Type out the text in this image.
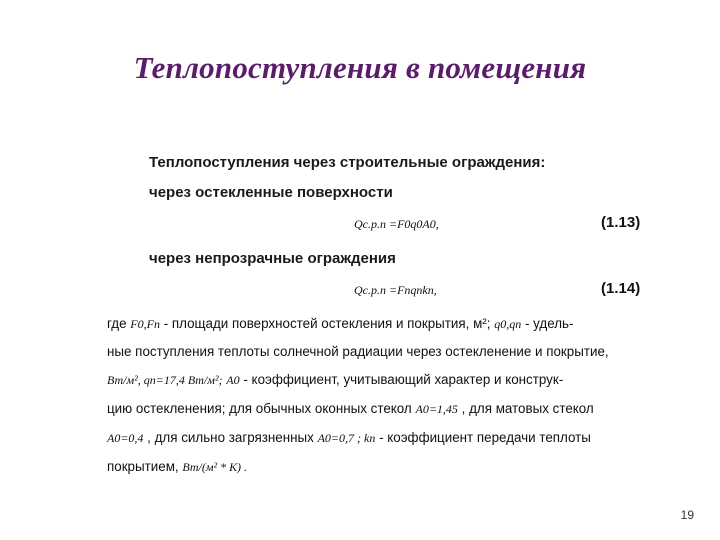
Теплопоступления в помещения
Теплопоступления через строительные ограждения:
через остекленные поверхности
Qс.р.п =F0q0A0,	(1.13)
через непрозрачные ограждения
Qс.р.п =Fпqпkп,	(1.14)
где F0,Fп - площади поверхностей остекления и покрытия, м²; q0,qп - удель-
ные поступления теплоты солнечной радиации через остекленение и покрытие,
Вт/м², qп=17,4 Вт/м²; A0 - коэффициент, учитывающий характер и конструк-
цию остекленения; для обычных оконных стекол A0=1,45 , для матовых стекол
A0=0,4 , для сильно загрязненных A0=0,7 ; kп - коэффициент передачи теплоты
покрытием, Вт/(м² * К) .
19
